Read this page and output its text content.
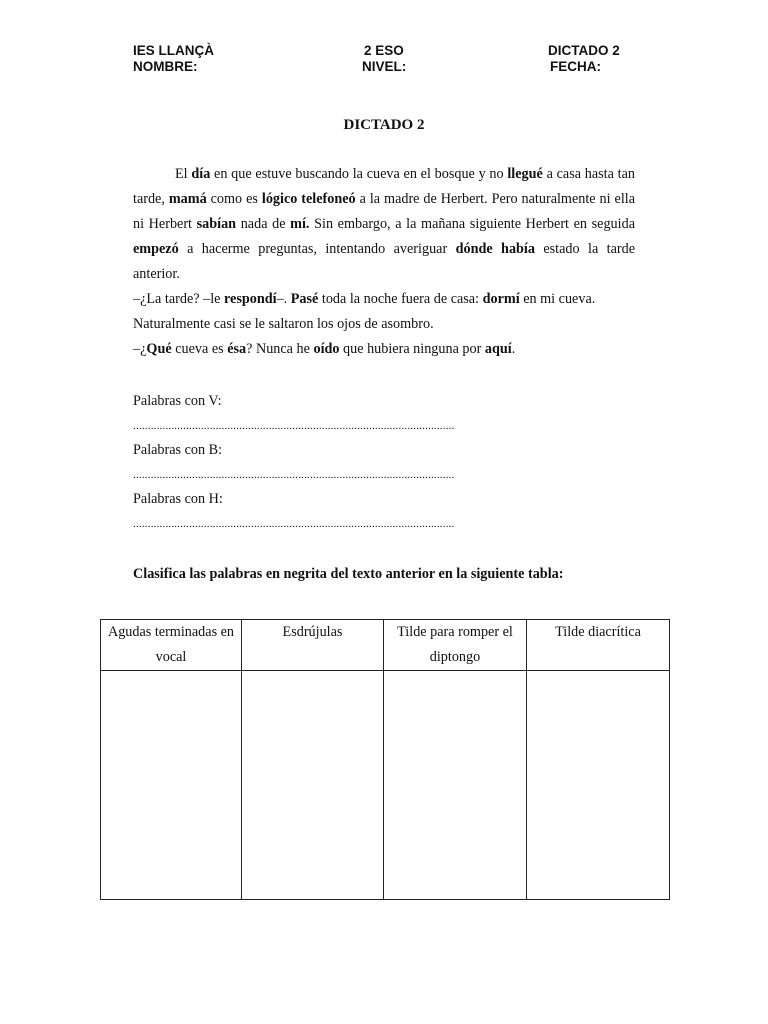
IES LLANÇÀ	2 ESO	DICTADO 2
NOMBRE:	NIVEL:	FECHA:
DICTADO 2

El día en que estuve buscando la cueva en el bosque y no llegué a casa hasta tan tarde, mamá como es lógico telefoneó a la madre de Herbert. Pero naturalmente ni ella ni Herbert sabían nada de mí. Sin embargo, a la mañana siguiente Herbert en seguida empezó a hacerme preguntas, intentando averiguar dónde había estado la tarde anterior.

–¿La tarde? –le respondí–. Pasé toda la noche fuera de casa: dormí en mi cueva.

Naturalmente casi se le saltaron los ojos de asombro.

–¿Qué cueva es ésa? Nunca he oído que hubiera ninguna por aquí.

Palabras con V:
.............................................................................................................
Palabras con B:
.............................................................................................................
Palabras con H:
.............................................................................................................
Clasifica las palabras en negrita del texto anterior en la siguiente tabla:
Agudas terminadas en vocal	Esdrújulas	Tilde para romper el diptongo	Tilde diacrítica
